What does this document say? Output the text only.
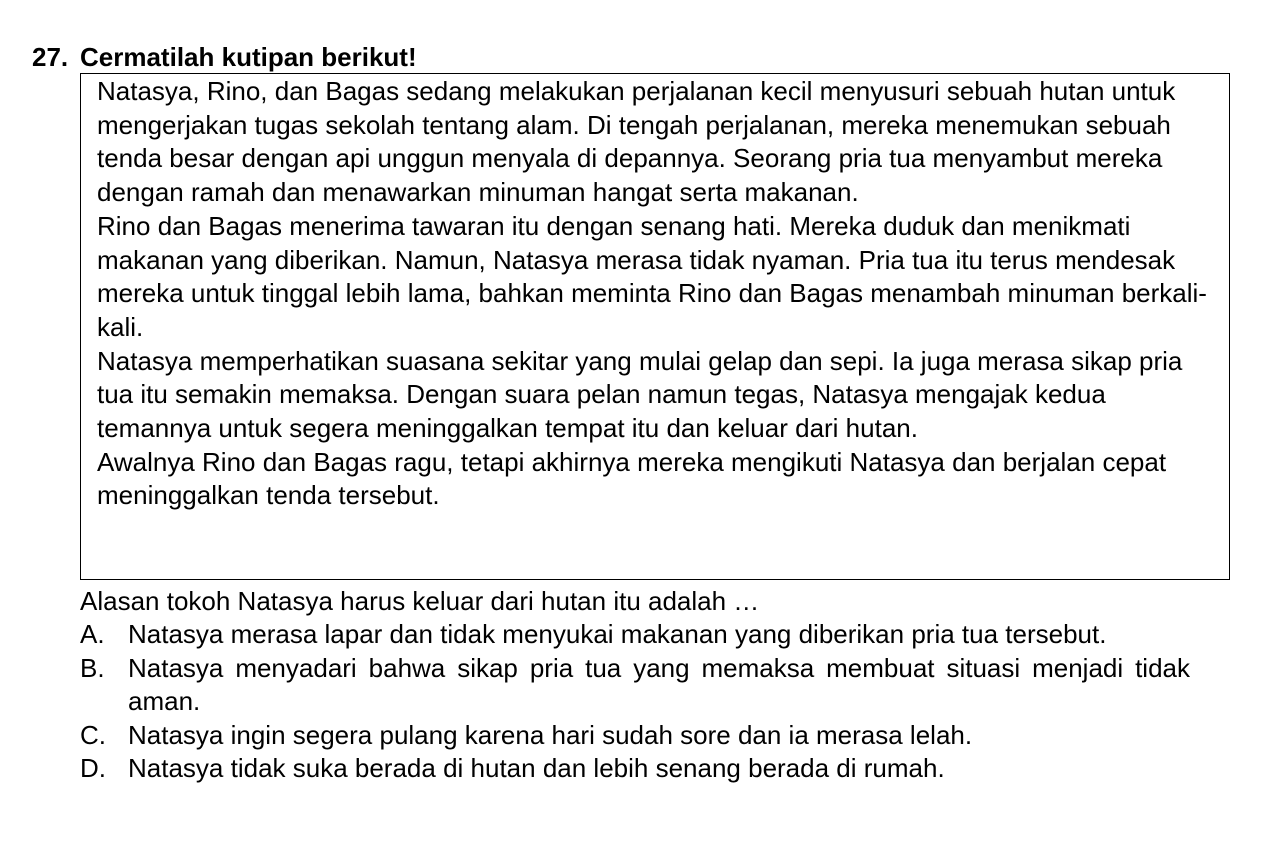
27. Cermatilah kutipan berikut!

Natasya, Rino, dan Bagas sedang melakukan perjalanan kecil menyusuri sebuah hutan untuk mengerjakan tugas sekolah tentang alam. Di tengah perjalanan, mereka menemukan sebuah tenda besar dengan api unggun menyala di depannya. Seorang pria tua menyambut mereka dengan ramah dan menawarkan minuman hangat serta makanan.

Rino dan Bagas menerima tawaran itu dengan senang hati. Mereka duduk dan menikmati makanan yang diberikan. Namun, Natasya merasa tidak nyaman. Pria tua itu terus mendesak mereka untuk tinggal lebih lama, bahkan meminta Rino dan Bagas menambah minuman berkali-kali.

Natasya memperhatikan suasana sekitar yang mulai gelap dan sepi. Ia juga merasa sikap pria tua itu semakin memaksa. Dengan suara pelan namun tegas, Natasya mengajak kedua temannya untuk segera meninggalkan tempat itu dan keluar dari hutan.

Awalnya Rino dan Bagas ragu, tetapi akhirnya mereka mengikuti Natasya dan berjalan cepat meninggalkan tenda tersebut.

Alasan tokoh Natasya harus keluar dari hutan itu adalah …
A. Natasya merasa lapar dan tidak menyukai makanan yang diberikan pria tua tersebut.
B. Natasya menyadari bahwa sikap pria tua yang memaksa membuat situasi menjadi tidak aman.
C. Natasya ingin segera pulang karena hari sudah sore dan ia merasa lelah.
D. Natasya tidak suka berada di hutan dan lebih senang berada di rumah.
